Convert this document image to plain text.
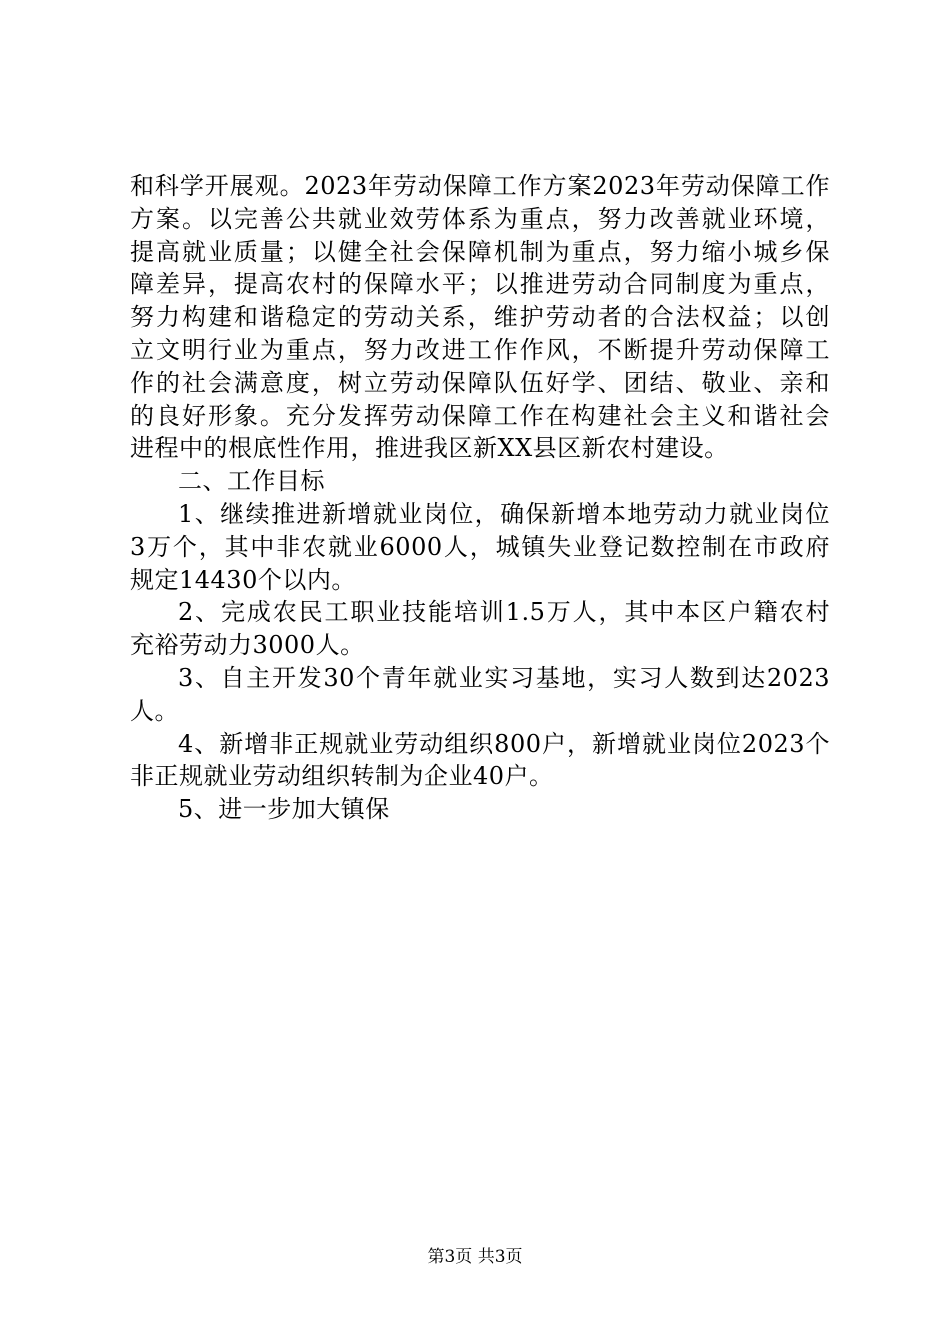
和科学开展观。2023年劳动保障工作方案2023年劳动保障工作
方案。以完善公共就业效劳体系为重点，努力改善就业环境，
提高就业质量；以健全社会保障机制为重点，努力缩小城乡保
障差异，提高农村的保障水平；以推进劳动合同制度为重点，
努力构建和谐稳定的劳动关系，维护劳动者的合法权益；以创
立文明行业为重点，努力改进工作作风，不断提升劳动保障工
作的社会满意度，树立劳动保障队伍好学、团结、敬业、亲和
的良好形象。充分发挥劳动保障工作在构建社会主义和谐社会
进程中的根底性作用，推进我区新XX县区新农村建设。
二、工作目标
1、继续推进新增就业岗位，确保新增本地劳动力就业岗位
3万个，其中非农就业6000人，城镇失业登记数控制在市政府
规定14430个以内。
2、完成农民工职业技能培训1.5万人，其中本区户籍农村
充裕劳动力3000人。
3、自主开发30个青年就业实习基地，实习人数到达2023
人。
4、新增非正规就业劳动组织800户，新增就业岗位2023个
非正规就业劳动组织转制为企业40户。
5、进一步加大镇保
第3页 共3页
